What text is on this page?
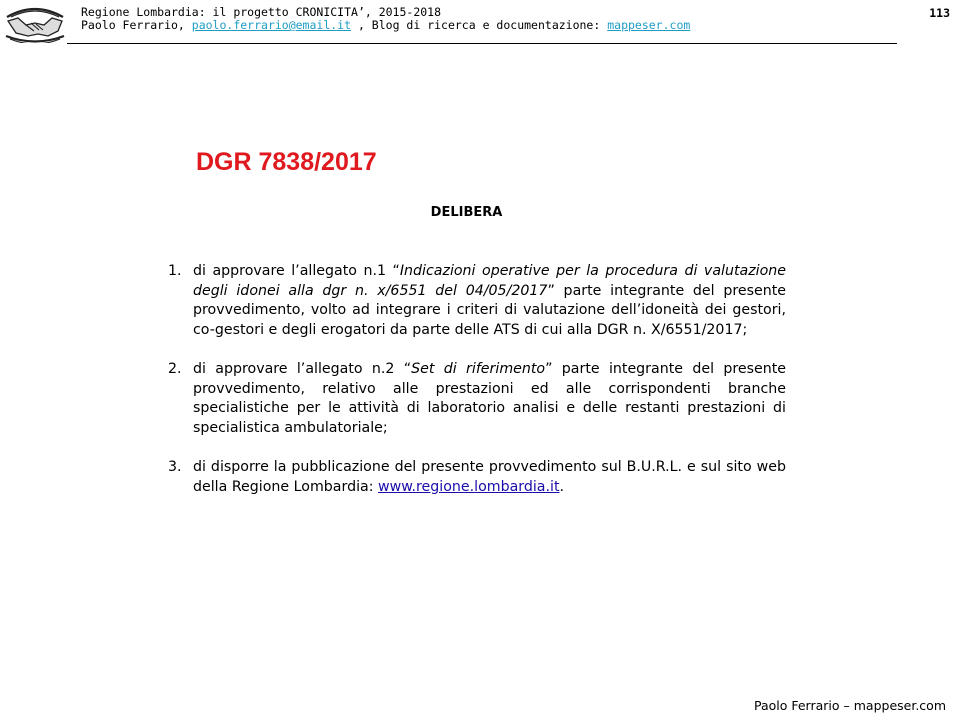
Regione Lombardia: il progetto CRONICITA’, 2015-2018
Paolo Ferrario, paolo.ferrario@email.it , Blog di ricerca e documentazione: mappeser.com
113
DGR 7838/2017
DELIBERA
1. di approvare l’allegato n.1 “Indicazioni operative per la procedura di valutazione degli idonei alla dgr n. x/6551 del 04/05/2017” parte integrante del presente provvedimento, volto ad integrare i criteri di valutazione dell’idoneità dei gestori, co-gestori e degli erogatori da parte delle ATS di cui alla DGR n. X/6551/2017;
2. di approvare l’allegato n.2 “Set di riferimento” parte integrante del presente provvedimento, relativo alle prestazioni ed alle corrispondenti branche specialistiche per le attività di laboratorio analisi e delle restanti prestazioni di specialistica ambulatoriale;
3. di disporre la pubblicazione del presente provvedimento sul B.U.R.L. e sul sito web della Regione Lombardia: www.regione.lombardia.it.
Paolo Ferrario – mappeser.com
